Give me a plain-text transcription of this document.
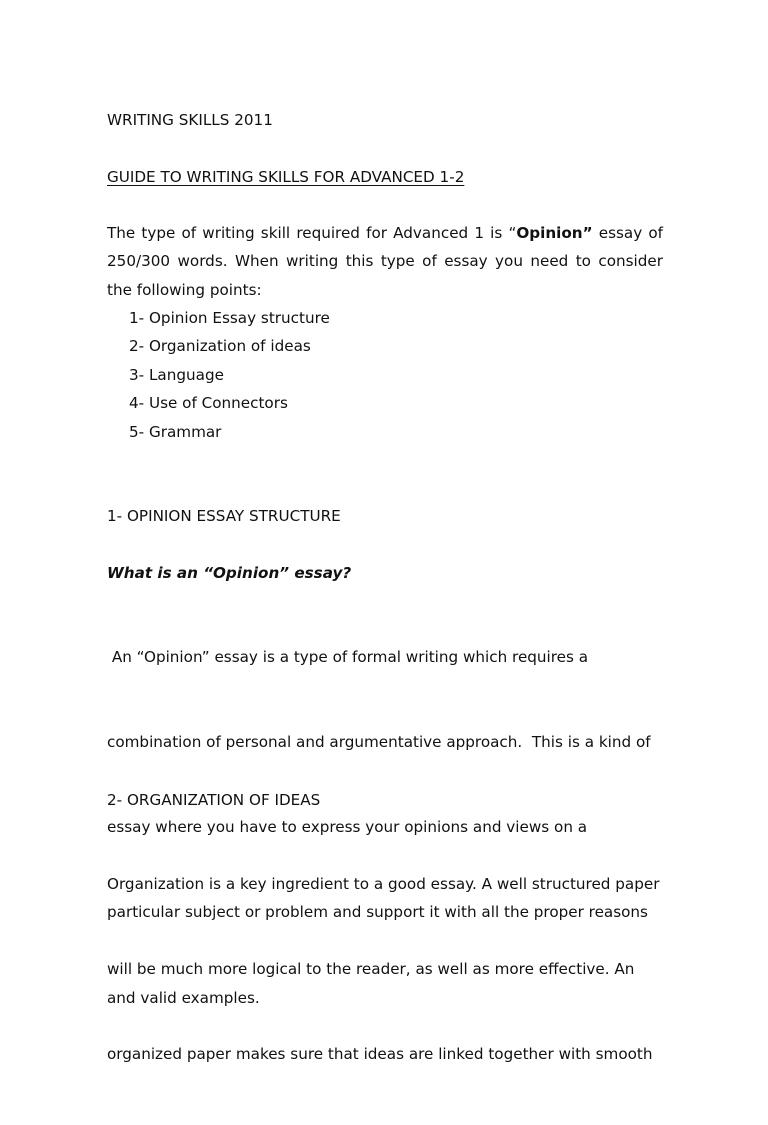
WRITING SKILLS 2011
GUIDE TO WRITING SKILLS FOR ADVANCED 1-2

The type of writing skill required for Advanced 1 is “Opinion” essay of 250/300 words. When writing this type of essay you need to consider the following points:

1- Opinion Essay structure
2- Organization of ideas
3- Language
4- Use of Connectors
5- Grammar
1- OPINION ESSAY STRUCTURE
What is an “Opinion” essay?

An “Opinion” essay is a type of formal writing which requires a

combination of personal and argumentative approach.  This is a kind of

essay where you have to express your opinions and views on a

particular subject or problem and support it with all the proper reasons

and valid examples.

2- ORGANIZATION OF IDEAS

Organization is a key ingredient to a good essay. A well structured paper

will be much more logical to the reader, as well as more effective. An

organized paper makes sure that ideas are linked together with smooth
